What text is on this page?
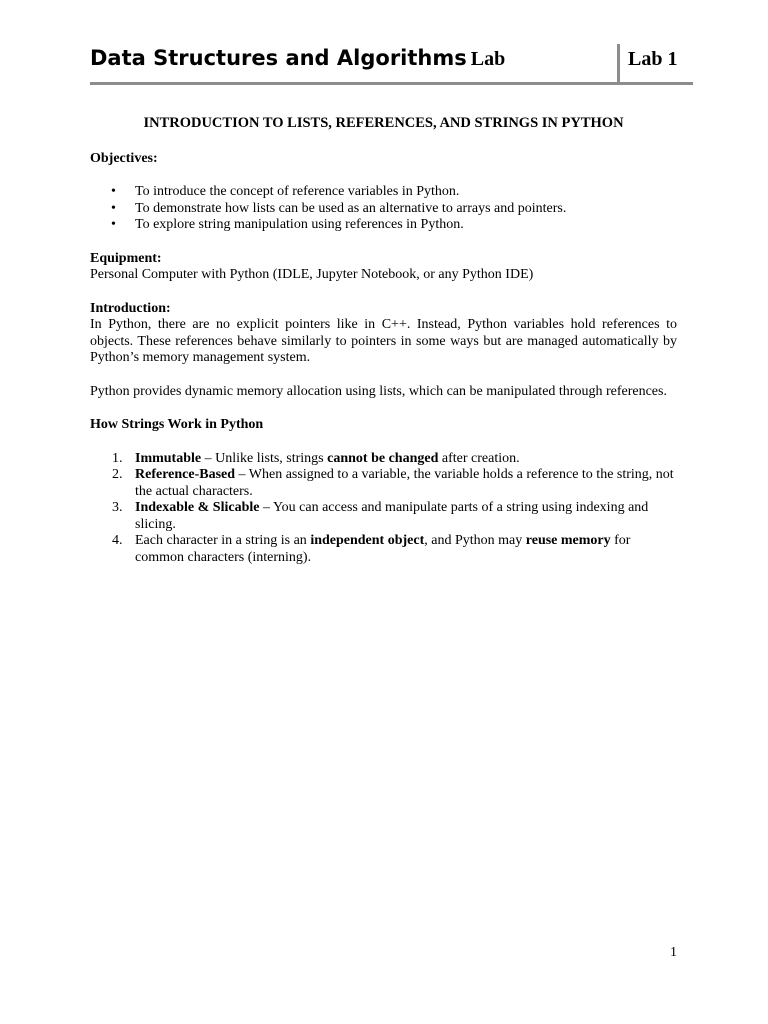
Data Structures and Algorithms Lab	Lab 1

INTRODUCTION TO LISTS, REFERENCES, AND STRINGS IN PYTHON

Objectives:

• To introduce the concept of reference variables in Python.
• To demonstrate how lists can be used as an alternative to arrays and pointers.
• To explore string manipulation using references in Python.

Equipment:

Personal Computer with Python (IDLE, Jupyter Notebook, or any Python IDE)

Introduction:

In Python, there are no explicit pointers like in C++. Instead, Python variables hold references to objects. These references behave similarly to pointers in some ways but are managed automatically by Python’s memory management system.

Python provides dynamic memory allocation using lists, which can be manipulated through references.

How Strings Work in Python

1. Immutable – Unlike lists, strings cannot be changed after creation.
2. Reference-Based – When assigned to a variable, the variable holds a reference to the string, not the actual characters.
3. Indexable & Slicable – You can access and manipulate parts of a string using indexing and slicing.
4. Each character in a string is an independent object, and Python may reuse memory for common characters (interning).
1
